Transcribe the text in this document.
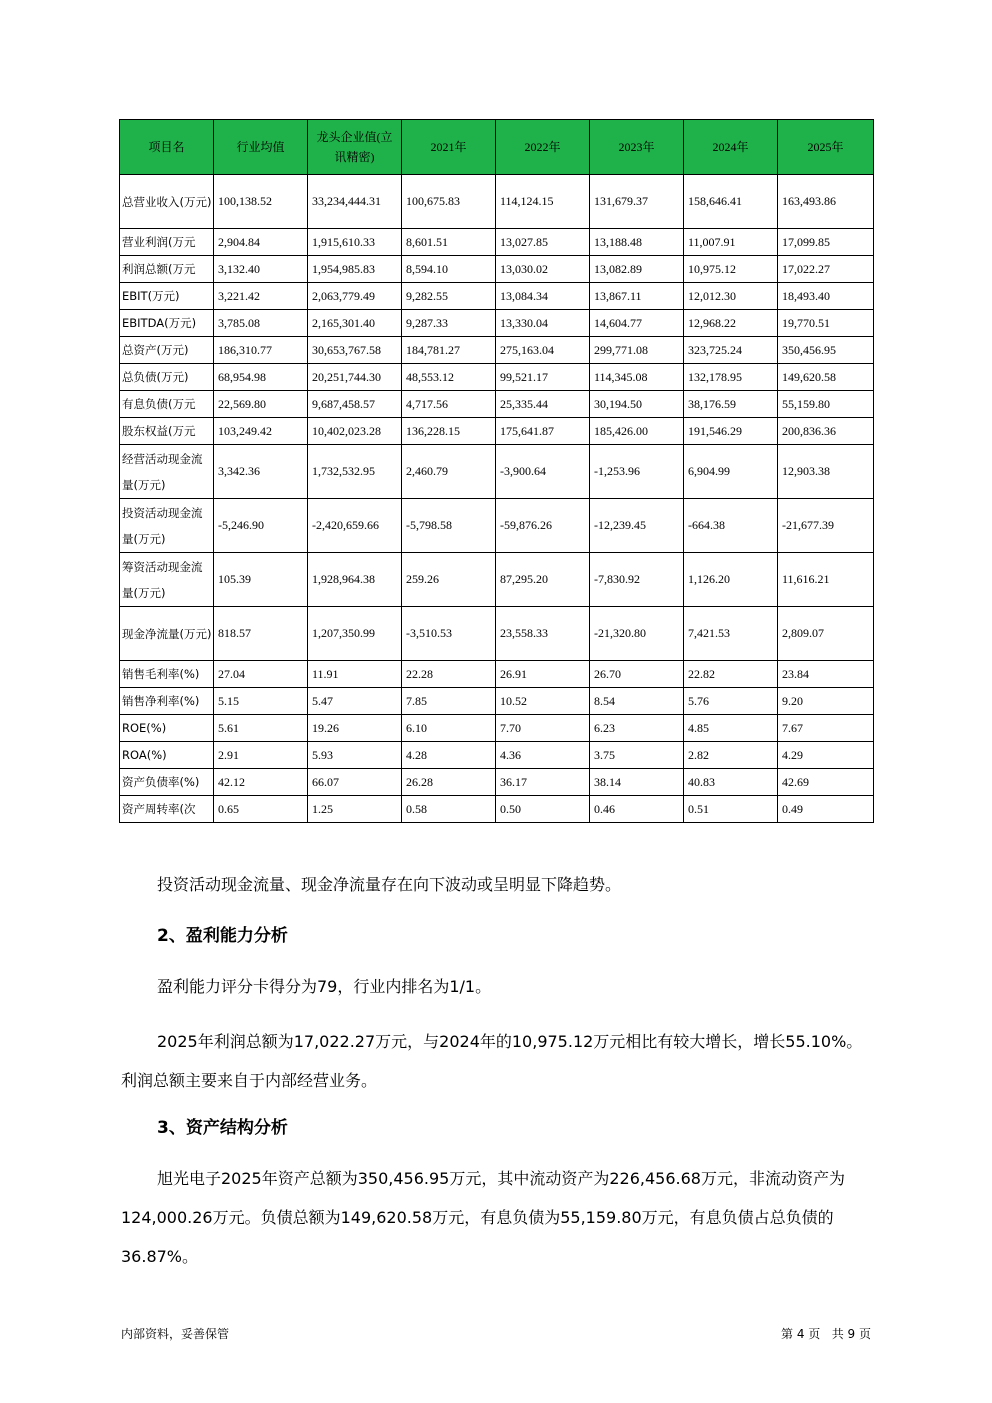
项目名	行业均值	龙头企业值(立讯精密)	2021年	2022年	2023年	2024年	2025年
总营业收入(万元)	100,138.52	33,234,444.31	100,675.83	114,124.15	131,679.37	158,646.41	163,493.86
营业利润(万元	2,904.84	1,915,610.33	8,601.51	13,027.85	13,188.48	11,007.91	17,099.85
利润总额(万元	3,132.40	1,954,985.83	8,594.10	13,030.02	13,082.89	10,975.12	17,022.27
EBIT(万元)	3,221.42	2,063,779.49	9,282.55	13,084.34	13,867.11	12,012.30	18,493.40
EBITDA(万元)	3,785.08	2,165,301.40	9,287.33	13,330.04	14,604.77	12,968.22	19,770.51
总资产(万元)	186,310.77	30,653,767.58	184,781.27	275,163.04	299,771.08	323,725.24	350,456.95
总负债(万元)	68,954.98	20,251,744.30	48,553.12	99,521.17	114,345.08	132,178.95	149,620.58
有息负债(万元	22,569.80	9,687,458.57	4,717.56	25,335.44	30,194.50	38,176.59	55,159.80
股东权益(万元	103,249.42	10,402,023.28	136,228.15	175,641.87	185,426.00	191,546.29	200,836.36
经营活动现金流量(万元)	3,342.36	1,732,532.95	2,460.79	-3,900.64	-1,253.96	6,904.99	12,903.38
投资活动现金流量(万元)	-5,246.90	-2,420,659.66	-5,798.58	-59,876.26	-12,239.45	-664.38	-21,677.39
筹资活动现金流量(万元)	105.39	1,928,964.38	259.26	87,295.20	-7,830.92	1,126.20	11,616.21
现金净流量(万元)	818.57	1,207,350.99	-3,510.53	23,558.33	-21,320.80	7,421.53	2,809.07
销售毛利率(%)	27.04	11.91	22.28	26.91	26.70	22.82	23.84
销售净利率(%)	5.15	5.47	7.85	10.52	8.54	5.76	9.20
ROE(%)	5.61	19.26	6.10	7.70	6.23	4.85	7.67
ROA(%)	2.91	5.93	4.28	4.36	3.75	2.82	4.29
资产负债率(%)	42.12	66.07	26.28	36.17	38.14	40.83	42.69
资产周转率(次	0.65	1.25	0.58	0.50	0.46	0.51	0.49
投资活动现金流量、现金净流量存在向下波动或呈明显下降趋势。
2、盈利能力分析
盈利能力评分卡得分为79，行业内排名为1/1。
2025年利润总额为17,022.27万元，与2024年的10,975.12万元相比有较大增长，增长55.10%。利润总额主要来自于内部经营业务。
3、资产结构分析
旭光电子2025年资产总额为350,456.95万元，其中流动资产为226,456.68万元，非流动资产为124,000.26万元。负债总额为149,620.58万元，有息负债为55,159.80万元，有息负债占总负债的36.87%。
内部资料，妥善保管	第 4 页   共 9 页
